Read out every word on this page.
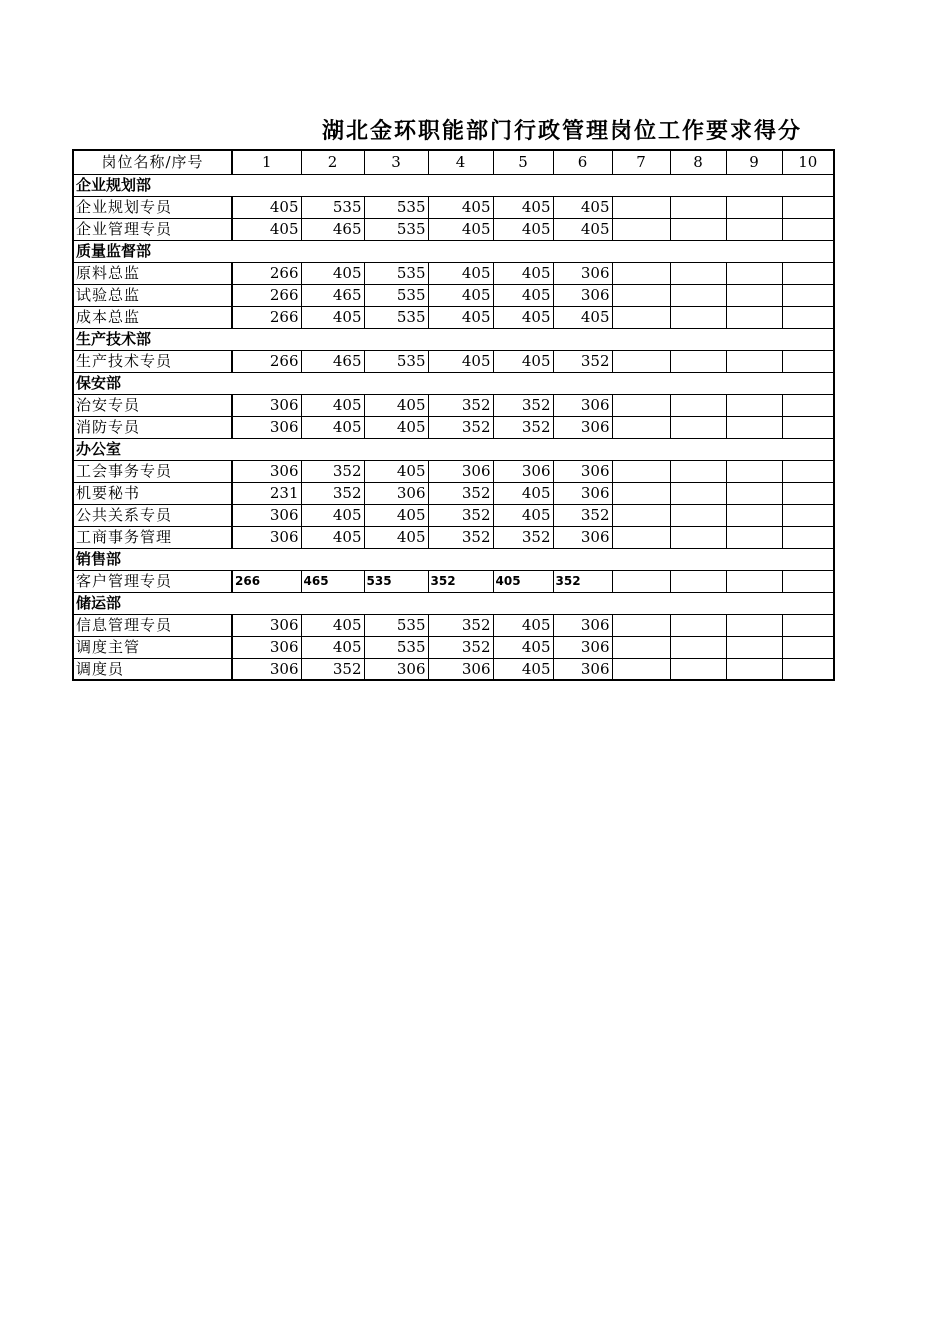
湖北金环职能部门行政管理岗位工作要求得分
岗位名称/序号	1	2	3	4	5	6	7	8	9	10
企业规划部										
企业规划专员	405	535	535	405	405	405				
企业管理专员	405	465	535	405	405	405				
质量监督部										
原料总监	266	405	535	405	405	306				
试验总监	266	465	535	405	405	306				
成本总监	266	405	535	405	405	405				
生产技术部										
生产技术专员	266	465	535	405	405	352				
保安部										
治安专员	306	405	405	352	352	306				
消防专员	306	405	405	352	352	306				
办公室										
工会事务专员	306	352	405	306	306	306				
机要秘书	231	352	306	352	405	306				
公共关系专员	306	405	405	352	405	352				
工商事务管理	306	405	405	352	352	306				
销售部										
客户管理专员	266	465	535	352	405	352				
储运部										
信息管理专员	306	405	535	352	405	306				
调度主管	306	405	535	352	405	306				
调度员	306	352	306	306	405	306				
